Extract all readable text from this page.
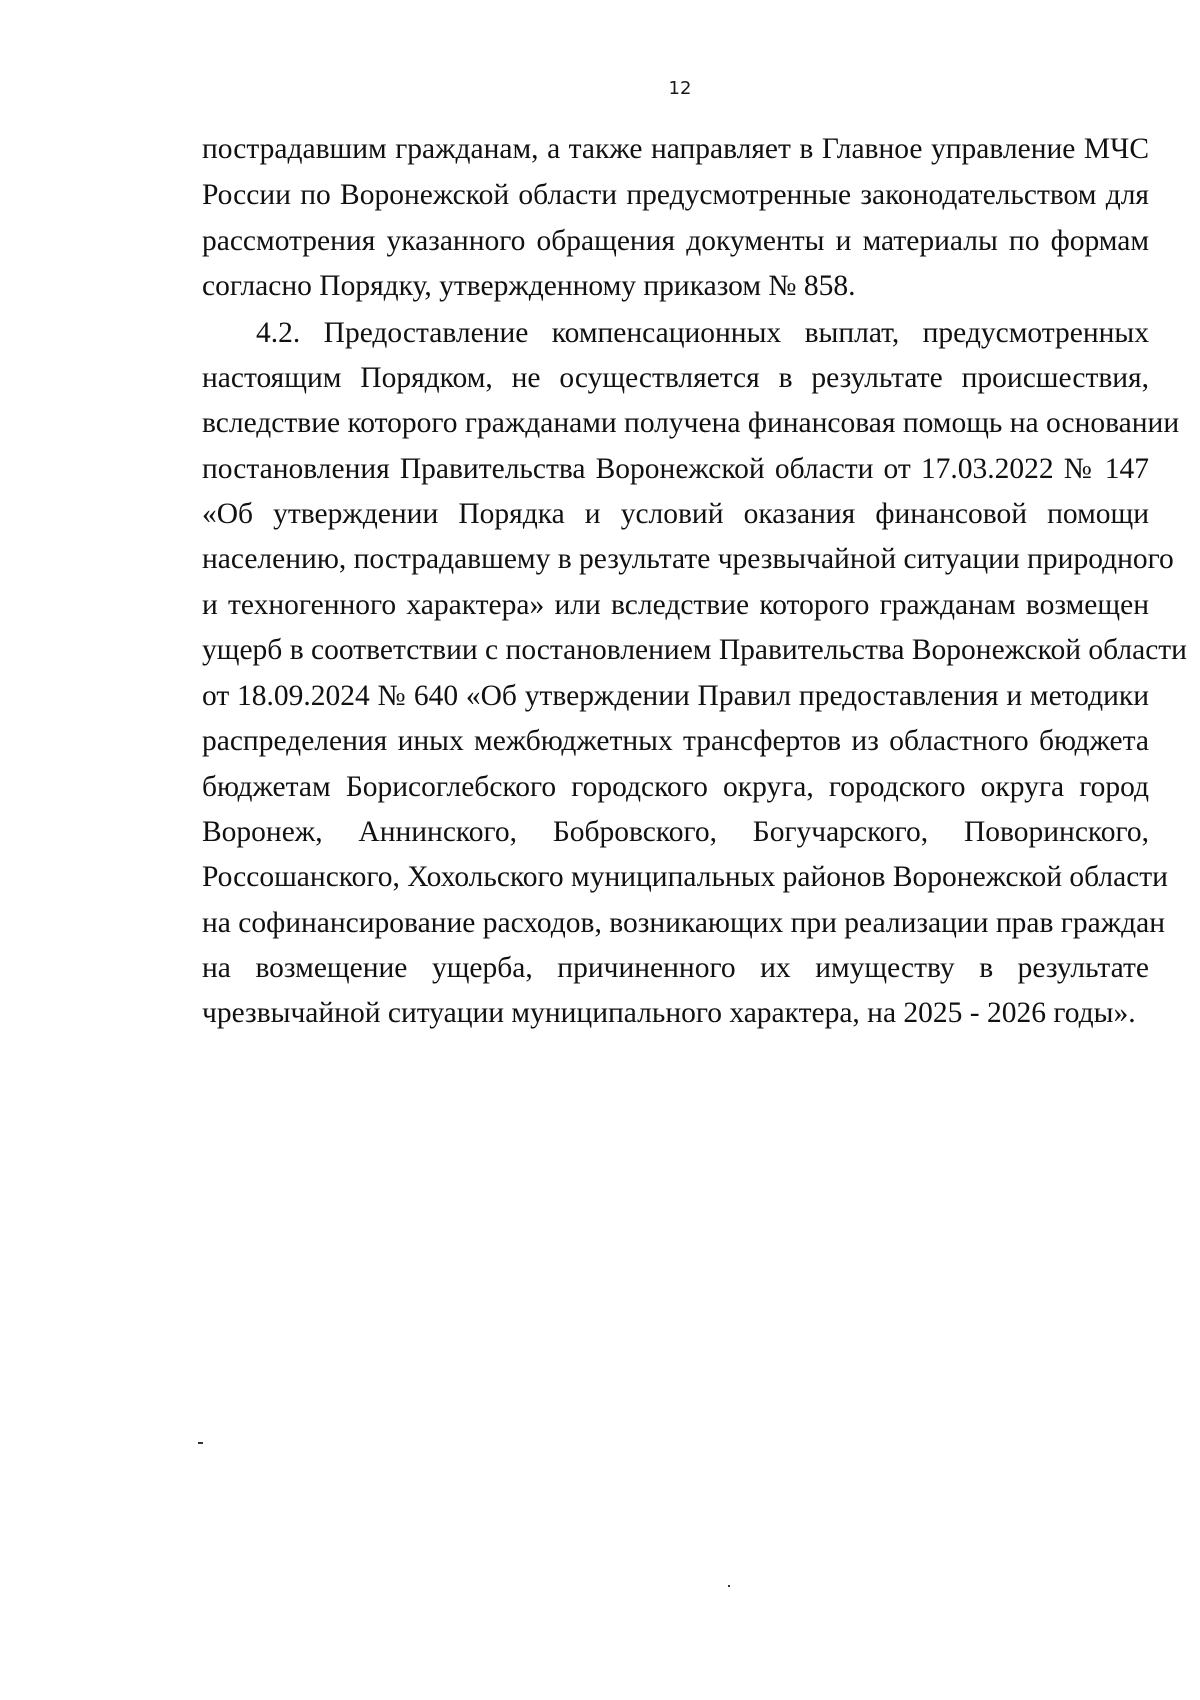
12
пострадавшим гражданам, а также направляет в Главное управление МЧС
России по Воронежской области предусмотренные законодательством для
рассмотрения указанного обращения документы и материалы по формам
согласно Порядку, утвержденному приказом № 858.
4.2. Предоставление компенсационных выплат, предусмотренных
настоящим Порядком, не осуществляется в результате происшествия,
вследствие которого гражданами получена финансовая помощь на основании
постановления Правительства Воронежской области от 17.03.2022 № 147
«Об утверждении Порядка и условий оказания финансовой помощи
населению, пострадавшему в результате чрезвычайной ситуации природного
и техногенного характера» или вследствие которого гражданам возмещен
ущерб в соответствии с постановлением Правительства Воронежской области
от 18.09.2024 № 640 «Об утверждении Правил предоставления и методики
распределения иных межбюджетных трансфертов из областного бюджета
бюджетам Борисоглебского городского округа, городского округа город
Воронеж, Аннинского, Бобровского, Богучарского, Поворинского,
Россошанского, Хохольского муниципальных районов Воронежской области
на софинансирование расходов, возникающих при реализации прав граждан
на возмещение ущерба, причиненного их имуществу в результате
чрезвычайной ситуации муниципального характера, на 2025 - 2026 годы».
